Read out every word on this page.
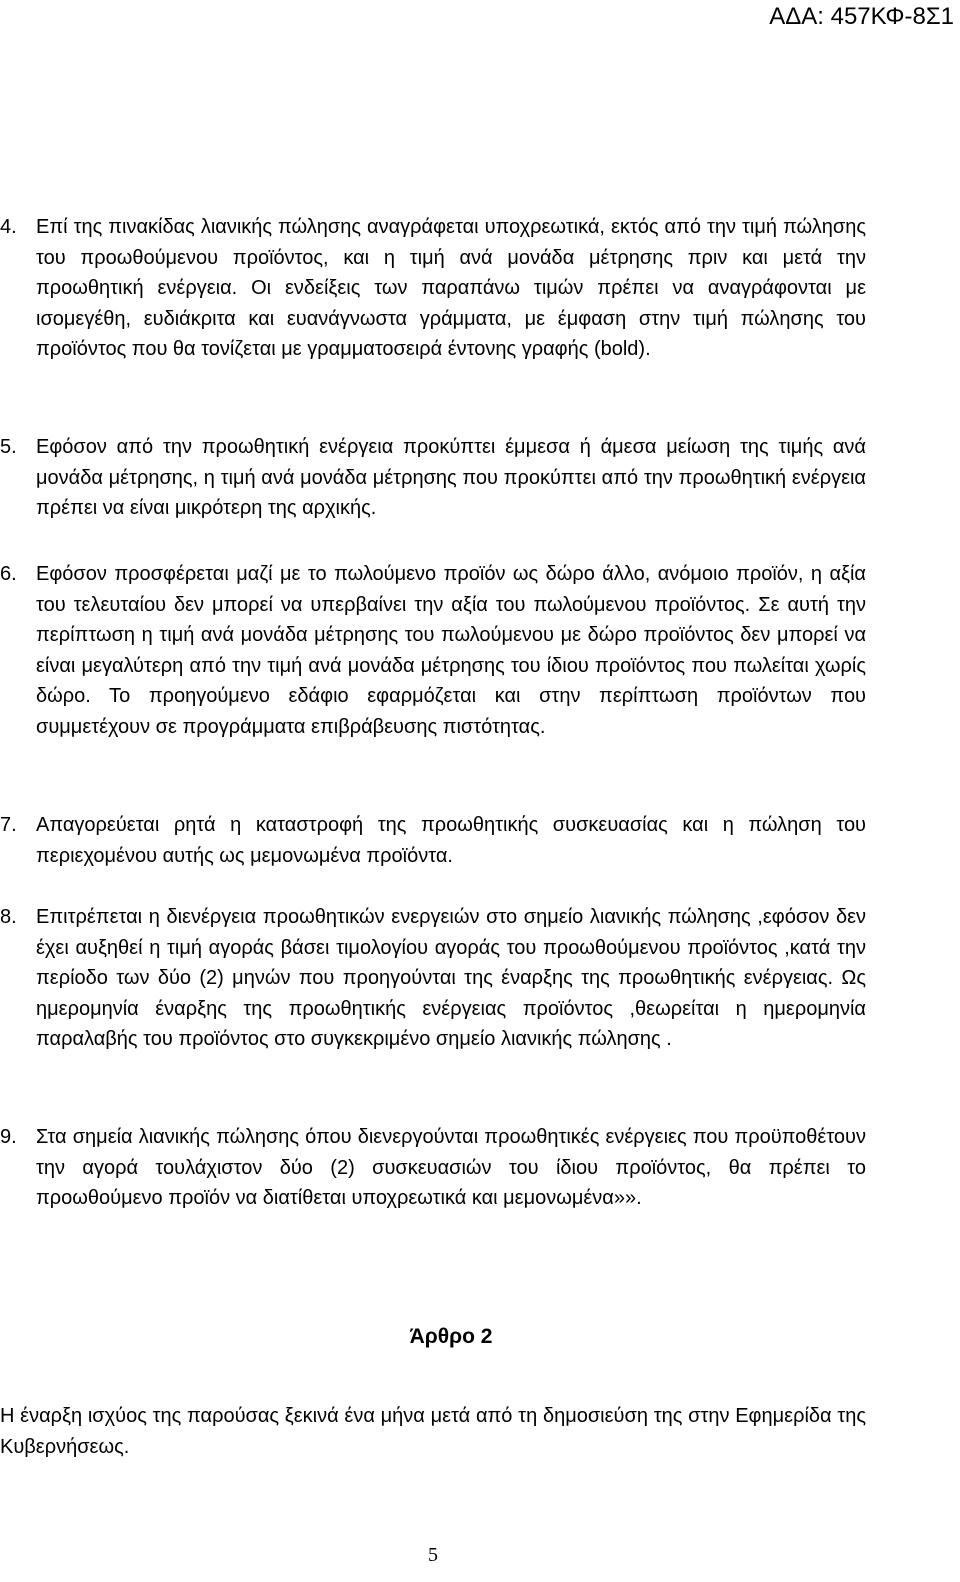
ΑΔΑ: 457ΚΦ-8Σ1
4. Επί της πινακίδας λιανικής πώλησης αναγράφεται υποχρεωτικά, εκτός από την τιμή πώλησης του προωθούμενου προϊόντος, και η τιμή ανά μονάδα μέτρησης πριν και μετά την προωθητική ενέργεια. Οι ενδείξεις των παραπάνω τιμών πρέπει να αναγράφονται με ισομεγέθη, ευδιάκριτα και ευανάγνωστα γράμματα, με έμφαση στην τιμή πώλησης του προϊόντος που θα τονίζεται με γραμματοσειρά έντονης γραφής (bold).
5. Εφόσον από την προωθητική ενέργεια προκύπτει έμμεσα ή άμεσα μείωση της τιμής ανά μονάδα μέτρησης, η τιμή ανά μονάδα μέτρησης που προκύπτει από την προωθητική ενέργεια πρέπει να είναι μικρότερη της αρχικής.
6. Εφόσον προσφέρεται μαζί με το πωλούμενο προϊόν ως δώρο άλλο, ανόμοιο προϊόν, η αξία του τελευταίου δεν μπορεί να υπερβαίνει την αξία του πωλούμενου προϊόντος. Σε αυτή την περίπτωση η τιμή ανά μονάδα μέτρησης του πωλούμενου με δώρο προϊόντος δεν μπορεί να είναι μεγαλύτερη από την τιμή ανά μονάδα μέτρησης του ίδιου προϊόντος που πωλείται χωρίς δώρο. Το προηγούμενο εδάφιο εφαρμόζεται και στην περίπτωση προϊόντων που συμμετέχουν σε προγράμματα επιβράβευσης πιστότητας.
7. Απαγορεύεται ρητά η καταστροφή της προωθητικής συσκευασίας και η πώληση του περιεχομένου αυτής ως μεμονωμένα προϊόντα.
8. Επιτρέπεται η διενέργεια προωθητικών ενεργειών στο σημείο λιανικής πώλησης ,εφόσον δεν έχει αυξηθεί η τιμή αγοράς βάσει τιμολογίου αγοράς του προωθούμενου προϊόντος ,κατά την περίοδο των δύο (2) μηνών που προηγούνται της έναρξης της προωθητικής ενέργειας. Ως ημερομηνία έναρξης της προωθητικής ενέργειας προϊόντος ,θεωρείται η ημερομηνία παραλαβής του προϊόντος στο συγκεκριμένο σημείο λιανικής πώλησης .
9. Στα σημεία λιανικής πώλησης όπου διενεργούνται προωθητικές ενέργειες που προϋποθέτουν την αγορά τουλάχιστον δύο (2) συσκευασιών του ίδιου προϊόντος, θα πρέπει το προωθούμενο προϊόν να διατίθεται υποχρεωτικά και μεμονωμένα»».
Άρθρο 2
Η έναρξη ισχύος της παρούσας ξεκινά ένα μήνα μετά από τη δημοσιεύση της στην Εφημερίδα της Κυβερνήσεως.
5
